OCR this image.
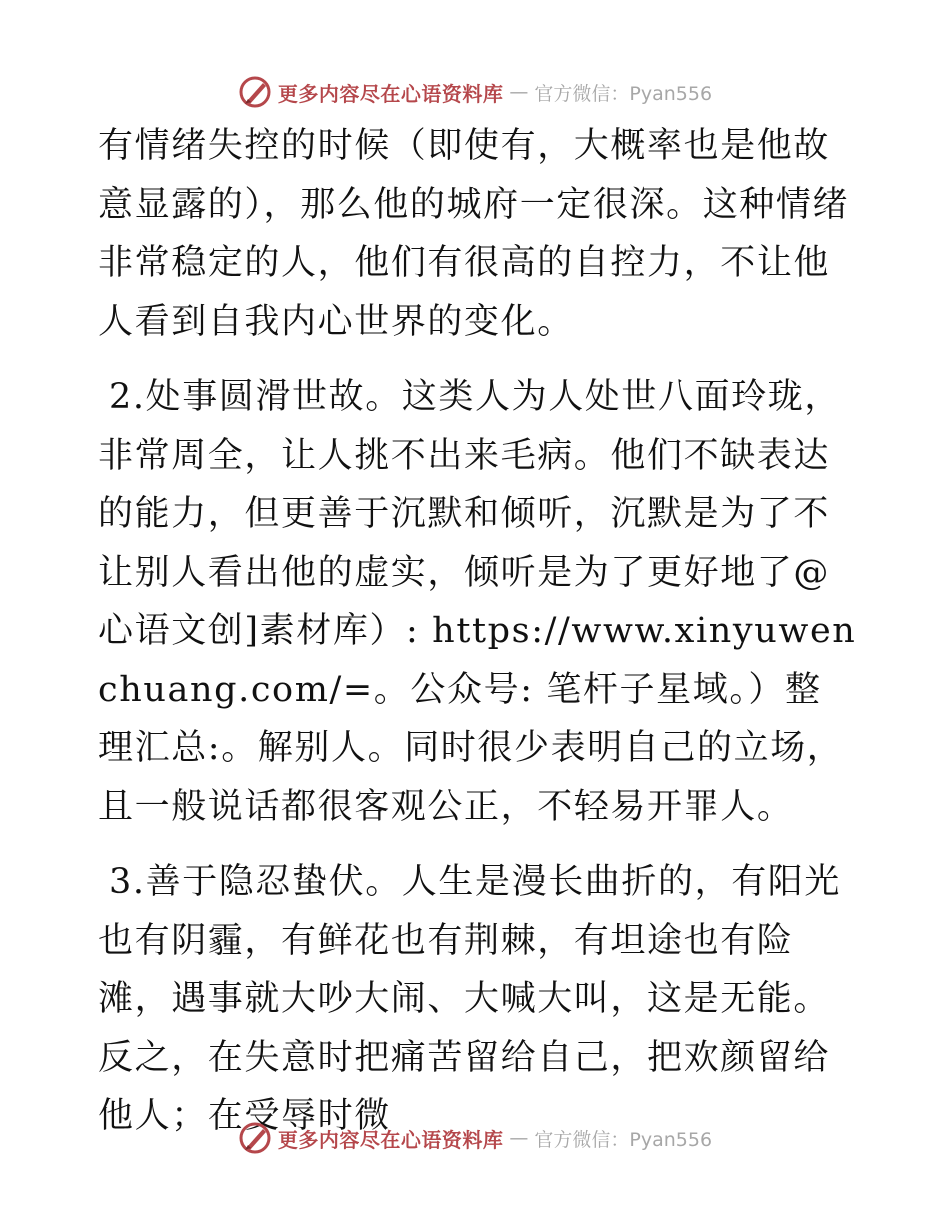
更多内容尽在心语资料库 — 官方微信：Pyan556

有情绪失控的时候（即使有，大概率也是他故意显露的），那么他的城府一定很深。这种情绪非常稳定的人，他们有很高的自控力，不让他人看到自我内心世界的变化。

2.处事圆滑世故。这类人为人处世八面玲珑，非常周全，让人挑不出来毛病。他们不缺表达的能力，但更善于沉默和倾听，沉默是为了不让别人看出他的虚实，倾听是为了更好地了@心语文创]素材库）: https://www.xinyuwenchuang.com/=。公众号: 笔杆子星域。）整理汇总:。解别人。同时很少表明自己的立场，且一般说话都很客观公正，不轻易开罪人。

3.善于隐忍蛰伏。人生是漫长曲折的，有阳光也有阴霾，有鲜花也有荆棘，有坦途也有险滩，遇事就大吵大闹、大喊大叫，这是无能。反之，在失意时把痛苦留给自己，把欢颜留给他人；在受辱时微

更多内容尽在心语资料库 — 官方微信：Pyan556
